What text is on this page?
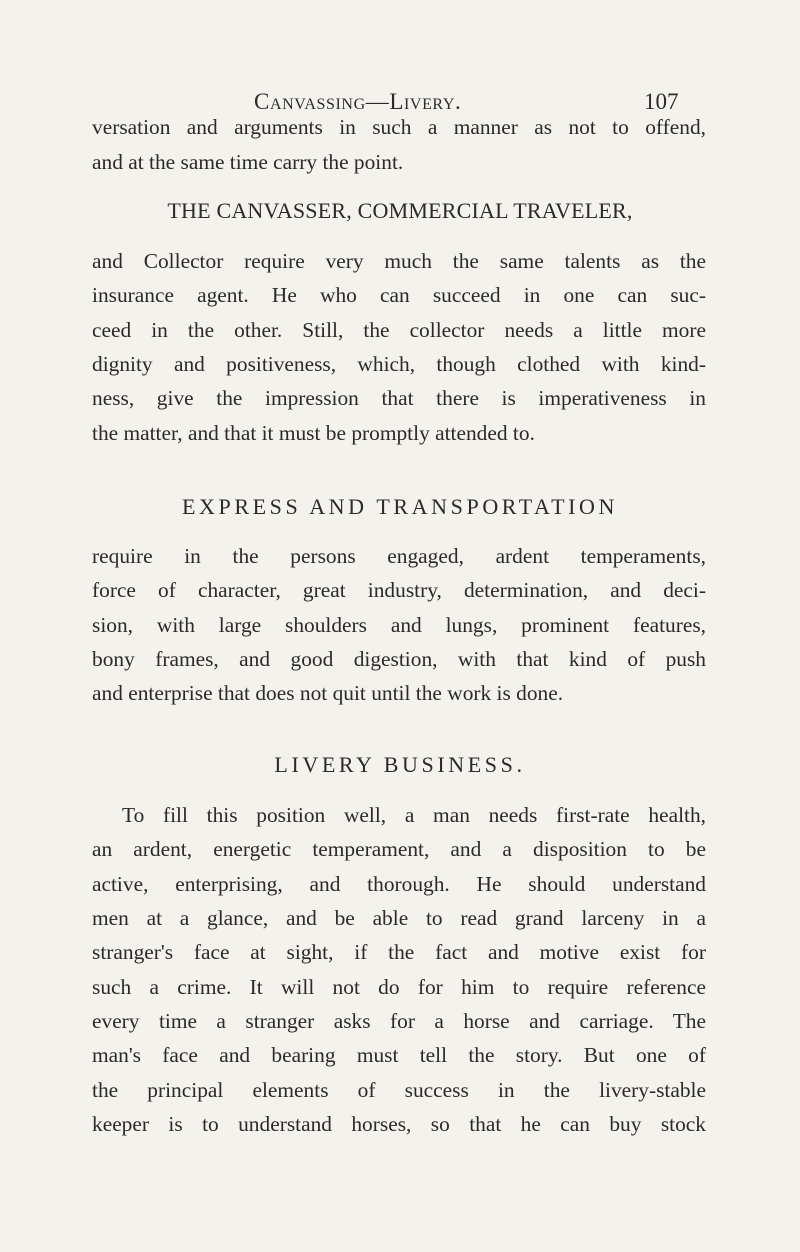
Canvassing—Livery.	107
versation and arguments in such a manner as not to offend,
and at the same time carry the point.
THE CANVASSER, COMMERCIAL TRAVELER,
and Collector require very much the same talents as the
insurance agent. He who can succeed in one can suc-
ceed in the other. Still, the collector needs a little more
dignity and positiveness, which, though clothed with kind-
ness, give the impression that there is imperativeness in
the matter, and that it must be promptly attended to.
EXPRESS AND TRANSPORTATION
require in the persons engaged, ardent temperaments,
force of character, great industry, determination, and deci-
sion, with large shoulders and lungs, prominent features,
bony frames, and good digestion, with that kind of push
and enterprise that does not quit until the work is done.
LIVERY BUSINESS.
To fill this position well, a man needs first-rate health,
an ardent, energetic temperament, and a disposition to be
active, enterprising, and thorough. He should understand
men at a glance, and be able to read grand larceny in a
stranger's face at sight, if the fact and motive exist for
such a crime. It will not do for him to require reference
every time a stranger asks for a horse and carriage. The
man's face and bearing must tell the story. But one of
the principal elements of success in the livery-stable
keeper is to understand horses, so that he can buy stock
